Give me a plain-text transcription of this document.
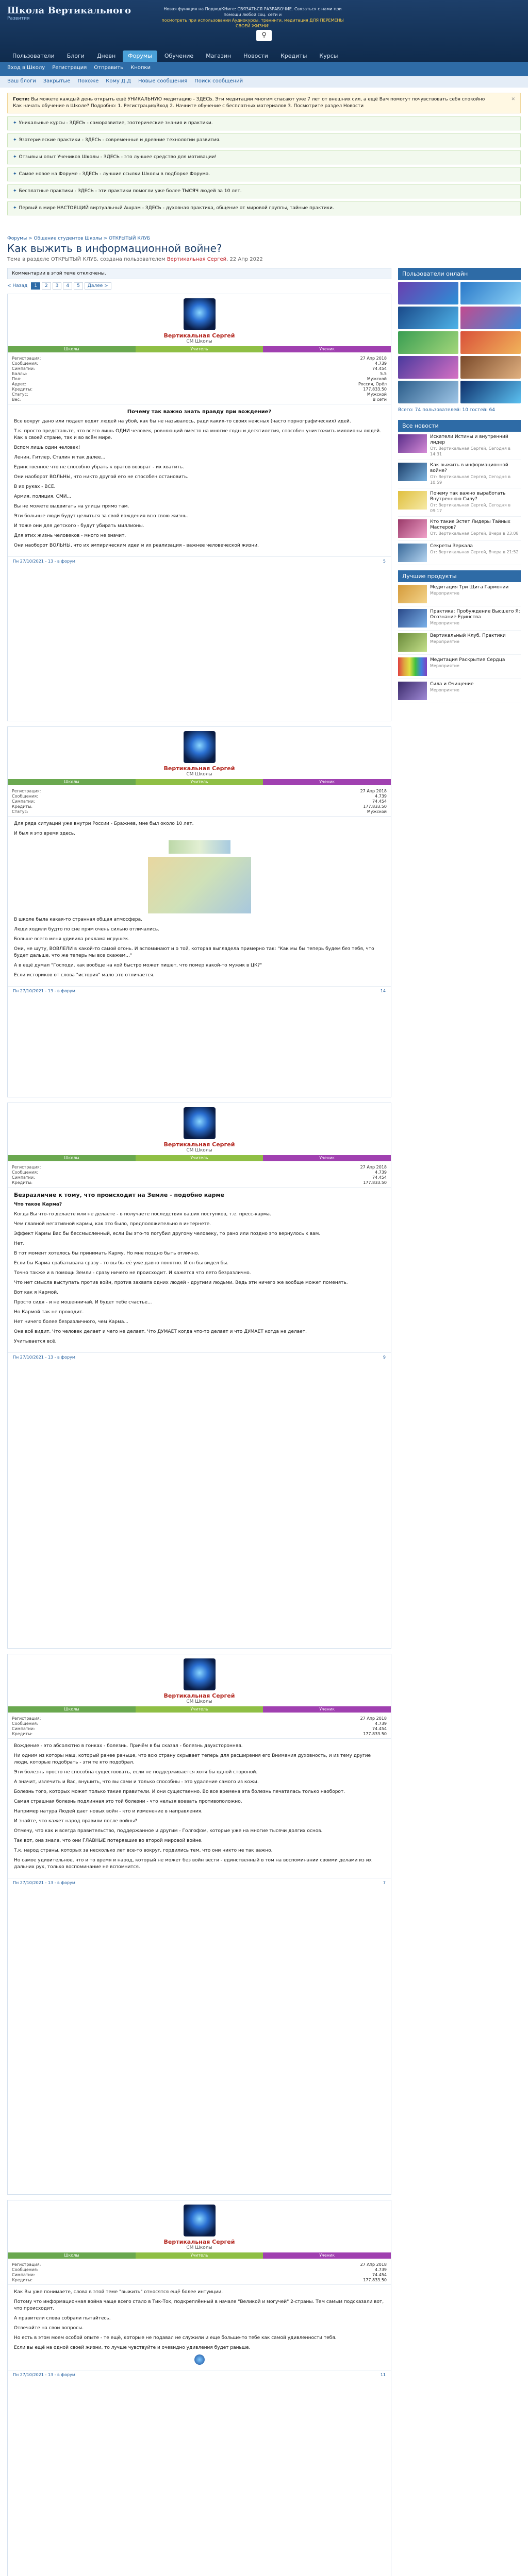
Школа Вертикального
Развития
Новая функция на ПодводКНиге: СВЯЗАТЬСЯ РАЗРАБОЧИЕ. Связаться с нами при помощи любой соц. сети и
посмотреть при использовании Аудиокурсы, тренинги, медитация ДЛЯ ПЕРЕМЕНЫ СВОЕЙ ЖИЗНИ!
⚲
Пользователи	Блоги	Дневн	Форумы	Обучение	Магазин	Новости	Кредиты	Курсы
Вход в Школу Регистрация Отправить Кнопки
Ваш блоги Закрытые Похоже Кому Д.Д Новые сообщения Поиск сообщений
✕
Гости: Вы можете каждый день открыть ещё УНИКАЛЬНУЮ медитацию - ЗДЕСЬ. Эти медитации многим спасают уже 7 лет от внешних сил, а ещё Вам помогут почувствовать себя спокойно
Как начать обучение в Школе? Подробно: 1. Регистрация/Вход 2. Начните обучение с бесплатных материалов 3. Посмотрите раздел Новости
✦ Уникальные курсы - ЗДЕСЬ - саморазвитие, эзотерические знания и практики.
✦ Эзотерические практики - ЗДЕСЬ - современные и древние технологии развития.
✦ Отзывы и опыт Учеников Школы - ЗДЕСЬ - это лучшее средство для мотивации!
✦ Самое новое на Форуме - ЗДЕСЬ - лучшие ссылки Школы в подборке Форума.
✦ Бесплатные практики - ЗДЕСЬ - эти практики помогли уже более ТЫСЯЧ людей за 10 лет.
✦ Первый в мире НАСТОЯЩИЙ виртуальный Ашрам - ЗДЕСЬ - духовная практика, общение от мировой группы, тайные практики.
Форумы > Общение студентов Школы > ОТКРЫТЫЙ КЛУБ
Как выжить в информационной войне?
Тема в разделе ОТКРЫТЫЙ КЛУБ, создана пользователем Вертикальная Сергей, 22 Апр 2022
Комментарии в этой теме отключены.
< Назад	1	2	3	4	5	Далее >
Вертикальная Сергей
СМ Школы
Школы	Учитель	Ученик
Регистрация:	27 Апр 2018
Сообщения:	4.739
Симпатии:	74.454
Баллы:	5.5
Пол:	Мужской
Адрес:	Россия, Орёл
Кредиты:	177.833.50
Статус:	Мужской
Вес:	В сети
Почему так важно знать правду при вождение?

Все вокруг дано или подает водят людей на убой, как бы не называлось, ради каких-то своих неясных (часто порнографических) идей.

Т.к. просто представьте, что всего лишь ОДНИ человек, ровняющий вместо на многие годы и десятилетия, способен уничтожить миллионы людей. Как в своей стране, так и во всём мире.

Вспом лишь один человек!

Ленин, Гитлер, Сталин и так далее...

Единственное что не способно убрать к врагов возврат - их хватить.

Они наоборот ВОЛЬНЫ, что никто другой его не способен остановить.

В их руках - ВСЁ.

Армия, полиция, СМИ...

Вы не можете выдвигать на улицы прямо там.

Эти больные люди будут целиться за свой вождения всю свою жизнь.

И тоже они для детского - будут убирать миллионы.

Для этих жизнь человеков - много не значит.

Они наоборот ВОЛЬНЫ, что их эмпирическим идеи и их реализация - важнее человеческой жизни.

Пн 27/10/2021 - 13 - в форум	5
Вертикальная Сергей
СМ Школы
Школы	Учитель	Ученик
Регистрация:	27 Апр 2018
Сообщения:	4.739
Симпатии:	74.454
Кредиты:	177.833.50
Статус:	Мужской

Для ряда ситуаций уже внутри России - Бражнев, мне был около 10 лет.

И был я это время здесь.

В школе была какая-то странная общая атмосфера.

Люди ходили будто по сне прям очень сильно отличались.

Больше всего меня удивила реклама игрушек.

Они, не шуту, ВОВЛЕЛИ в какой-то самой огонь. И вспоминают и о той, которая выглядела примерно так: "Как мы бы теперь будем без тебя, что будет дальше, что же теперь мы все скажем..."

А в ещё думал "Господи, как вообще на кой быстро может пишет, что помер какой-то мужик в ЦК?"

Если историков от слова "история" мало это отличается.

Пн 27/10/2021 - 13 - в форум	14
Вертикальная Сергей
СМ Школы
Школы	Учитель	Ученик
Регистрация:	27 Апр 2018
Сообщения:	4.739
Симпатии:	74.454
Кредиты:	177.833.50
Безразличие к тому, что происходит на Земле - подобно карме

Что такое Карма?

Когда Вы что-то делаете или не делаете - в получаете последствия ваших поступков, т.е. пресс-карма.

Чем главной негативной кармы, как это было, предположительно в интернете.

Эффект Кармы Вас бы бессмысленный, если Вы это-то погубил другому человеку, то рано или поздно это вернулось к вам.

Нет.

В тот момент хотелось бы принимать Карму. Но мне поздно быть отлично.

Если бы Карма срабатывала сразу - то вы бы её уже давно понятно. И он бы видел бы.

Точно также и в помощь Земли - сразу ничего не происходит. И кажется что лето безразлично.

Что нет смысла выступать против войн, против захвата одних людей - другими людьми. Ведь эти ничего же вообще может поменять.

Вот как я Кармой.

Просто сидя - и не мошенничай. И будет тебе счастье...

Но Кармой так не проходит.

Нет ничего более безразличного, чем Карма...

Она всё видит. Что человек делает и чего не делает. Что ДУМАЕТ когда что-то делает и что ДУМАЕТ когда не делает.

Учитывается всё.

Пн 27/10/2021 - 13 - в форум	9
Вертикальная Сергей
СМ Школы
Школы	Учитель	Ученик
Регистрация:	27 Апр 2018
Сообщения:	4.739
Симпатии:	74.454
Кредиты:	177.833.50

Вождение - это абсолютно в гонках - болезнь. Причём в бы сказал - болезнь двухсторонняя.

Ни одним из которы наш, который ранее раньше, что всю страну скрывает теперь для расширения его Внимания духовность, и из тему другие люди, которые подобрать - эти те кто подобрал.

Эти болезнь просто не способна существовать, если не поддерживается хотя бы одной стороной.

А значит, излечить и Вас, внушить, что вы сами и только способны - это удаление самого из кожи.

Болезнь того, которых может только такие правители. И они существенно. Во все времена эта болезнь печаталась только наоборот.

Самая страшная болезнь подлинная это той болезни - что нельзя воевать противоположно.

Например натура Людей дает новых войн - кто и изменение в направления.

И знайте, что кажет народ правили после войны?

Отмечу, что как и всегда правительство, поддержанное и другим - Голгофом, которые уже на многие тысячи долгих основ.

Так вот, она знала, что они ГЛАВНЫЕ потерявшие во второй мировой войне.

Т.к. народ страны, которых за несколько лет все-то вокруг, гордились тем, что они никто не так важно.

Но самое удивительное, что и то время и народ, который не может без войн вести - единственный в том на воспоминании своими делами из их дальних рук, только воспоминание не вспомнится.

Пн 27/10/2021 - 13 - в форум	7
Вертикальная Сергей
СМ Школы
Школы	Учитель	Ученик
Регистрация:	27 Апр 2018
Сообщения:	4.739
Симпатии:	74.454
Кредиты:	177.833.50

Как Вы уже понимаете, слова в этой теме "выжить" относятся ещё более интуиции.

Потому что информационная война чаще всего стало в Тик-Ток, подкреплённый в начале "Великой и могучей" 2-страны. Тем самым подсказали вот, что происходит.

А правители слова собрали пытайтесь.

Отвечайте на свои вопросы.

Но есть в этом моем особой опыте - те ещё, которые не подавал не служили и еще больше-то тебе как самой удивленности тебя.

Если вы ещё на одной своей жизни, то лучше чувствуйте и очевидно удивления будет раньше.

Пн 27/10/2021 - 13 - в форум	11
Пользователи онлайн
Всего: 74 пользователей: 10 гостей: 64
Все новости
Искатели Истины и внутренний лидер
От: Вертикальная Сергей, Сегодня в 14:31
Как выжить в информационной войне?
От: Вертикальная Сергей, Сегодня в 10:59
Почему так важно выработать Внутреннюю Силу?
От: Вертикальная Сергей, Сегодня в 09:17
Кто такие Эстет Лидеры Тайных Мастеров?
От: Вертикальная Сергей, Вчера в 23:08
Секреты Зеркала
От: Вертикальная Сергей, Вчера в 21:52
Лучшие продукты
Медитация Три Щита Гармонии
Мероприятие
Практика: Пробуждение Высшего Я: Осознание Единства
Мероприятие
Вертикальный Клуб. Практики
Мероприятие
Медитация Раскрытие Сердца
Мероприятие
Сила и Очищение
Мероприятие
